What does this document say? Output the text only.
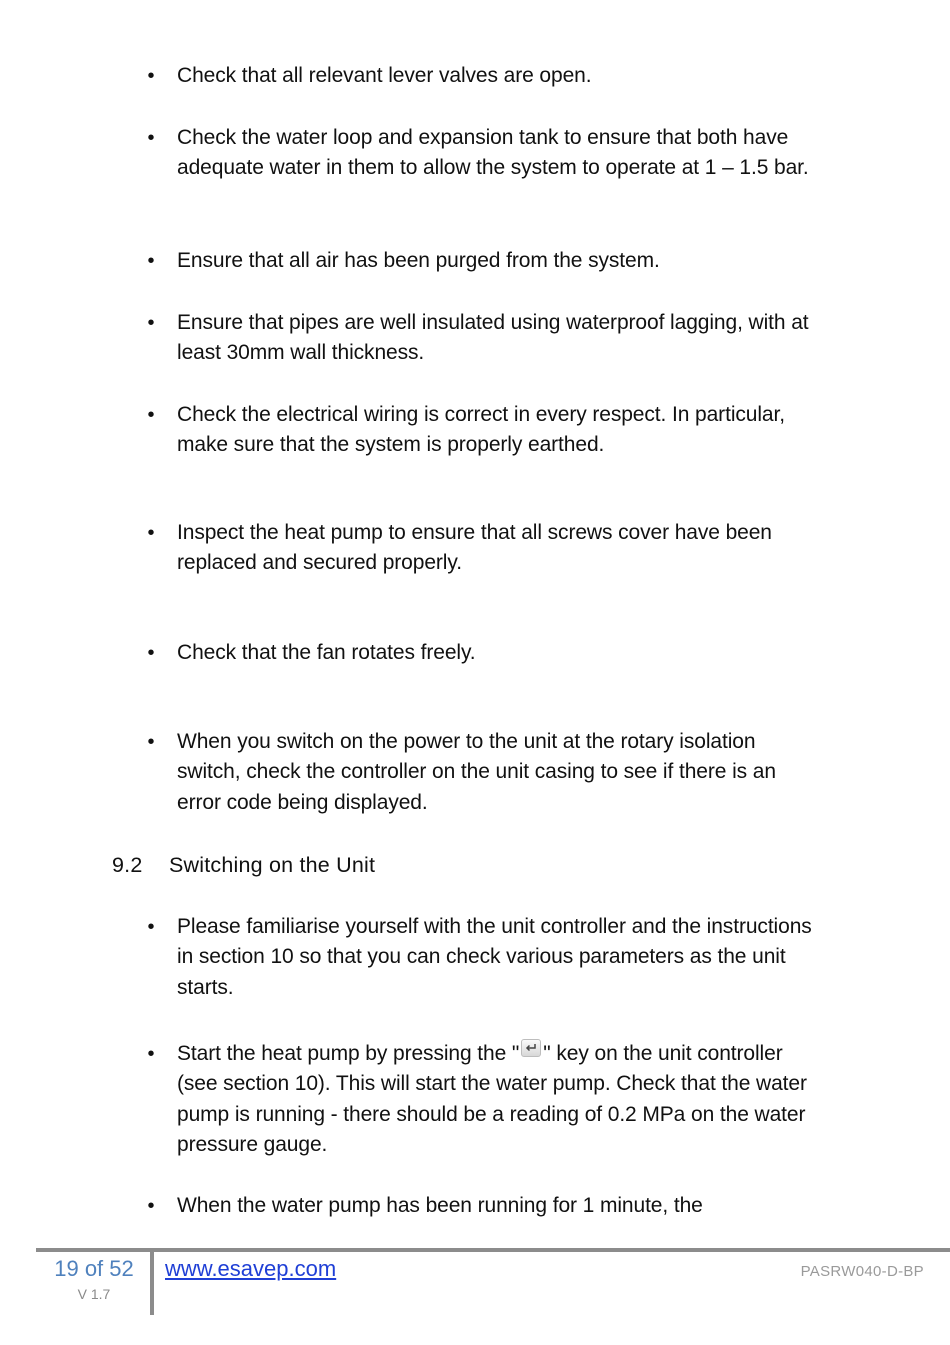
• Check that all relevant lever valves are open.
• Check the water loop and expansion tank to ensure that both have adequate water in them to allow the system to operate at 1 – 1.5 bar.
• Ensure that all air has been purged from the system.
• Ensure that pipes are well insulated using waterproof lagging, with at least 30mm wall thickness.
• Check the electrical wiring is correct in every respect. In particular, make sure that the system is properly earthed.
• Inspect the heat pump to ensure that all screws cover have been replaced and secured properly.
• Check that the fan rotates freely.
• When you switch on the power to the unit at the rotary isolation switch, check the controller on the unit casing to see if there is an error code being displayed.
9.2 Switching on the Unit
• Please familiarise yourself with the unit controller and the instructions in section 10 so that you can check various parameters as the unit starts.
• Start the heat pump by pressing the " " key on the unit controller (see section 10). This will start the water pump. Check that the water pump is running - there should be a reading of 0.2 MPa on the water pressure gauge.
• When the water pump has been running for 1 minute, the
19 of 52
V 1.7
www.esavep.com	PASRW040-D-BP
